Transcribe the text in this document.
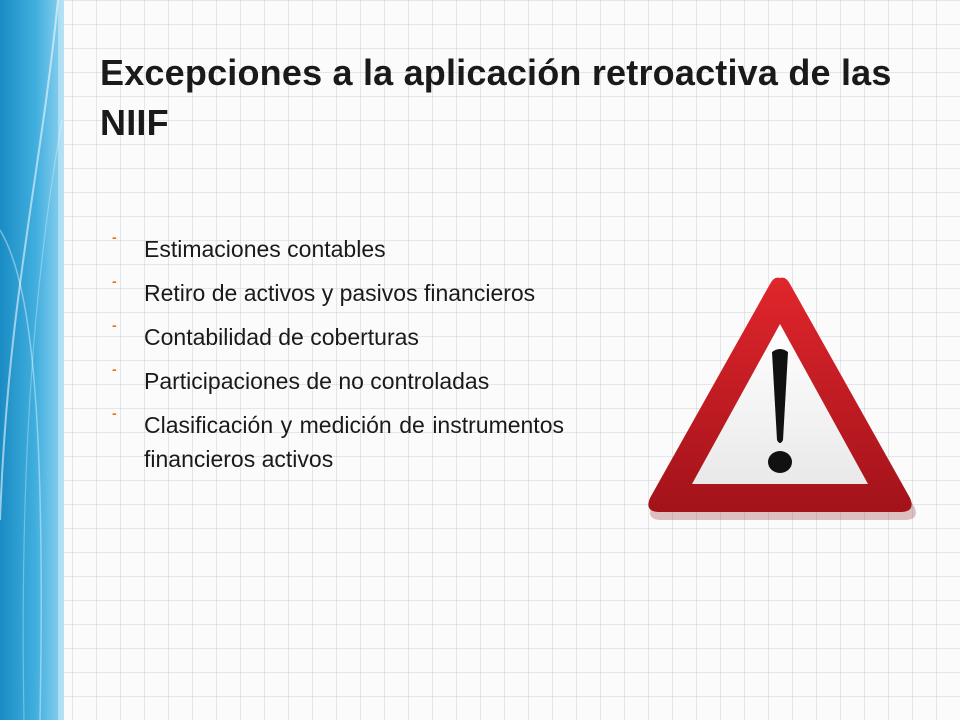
Excepciones a la aplicación retroactiva de las NIIF
-	Estimaciones contables
-	Retiro de activos y pasivos financieros
-	Contabilidad de coberturas
-	Participaciones de no controladas
-	Clasificación y medición de instrumentos financieros activos
